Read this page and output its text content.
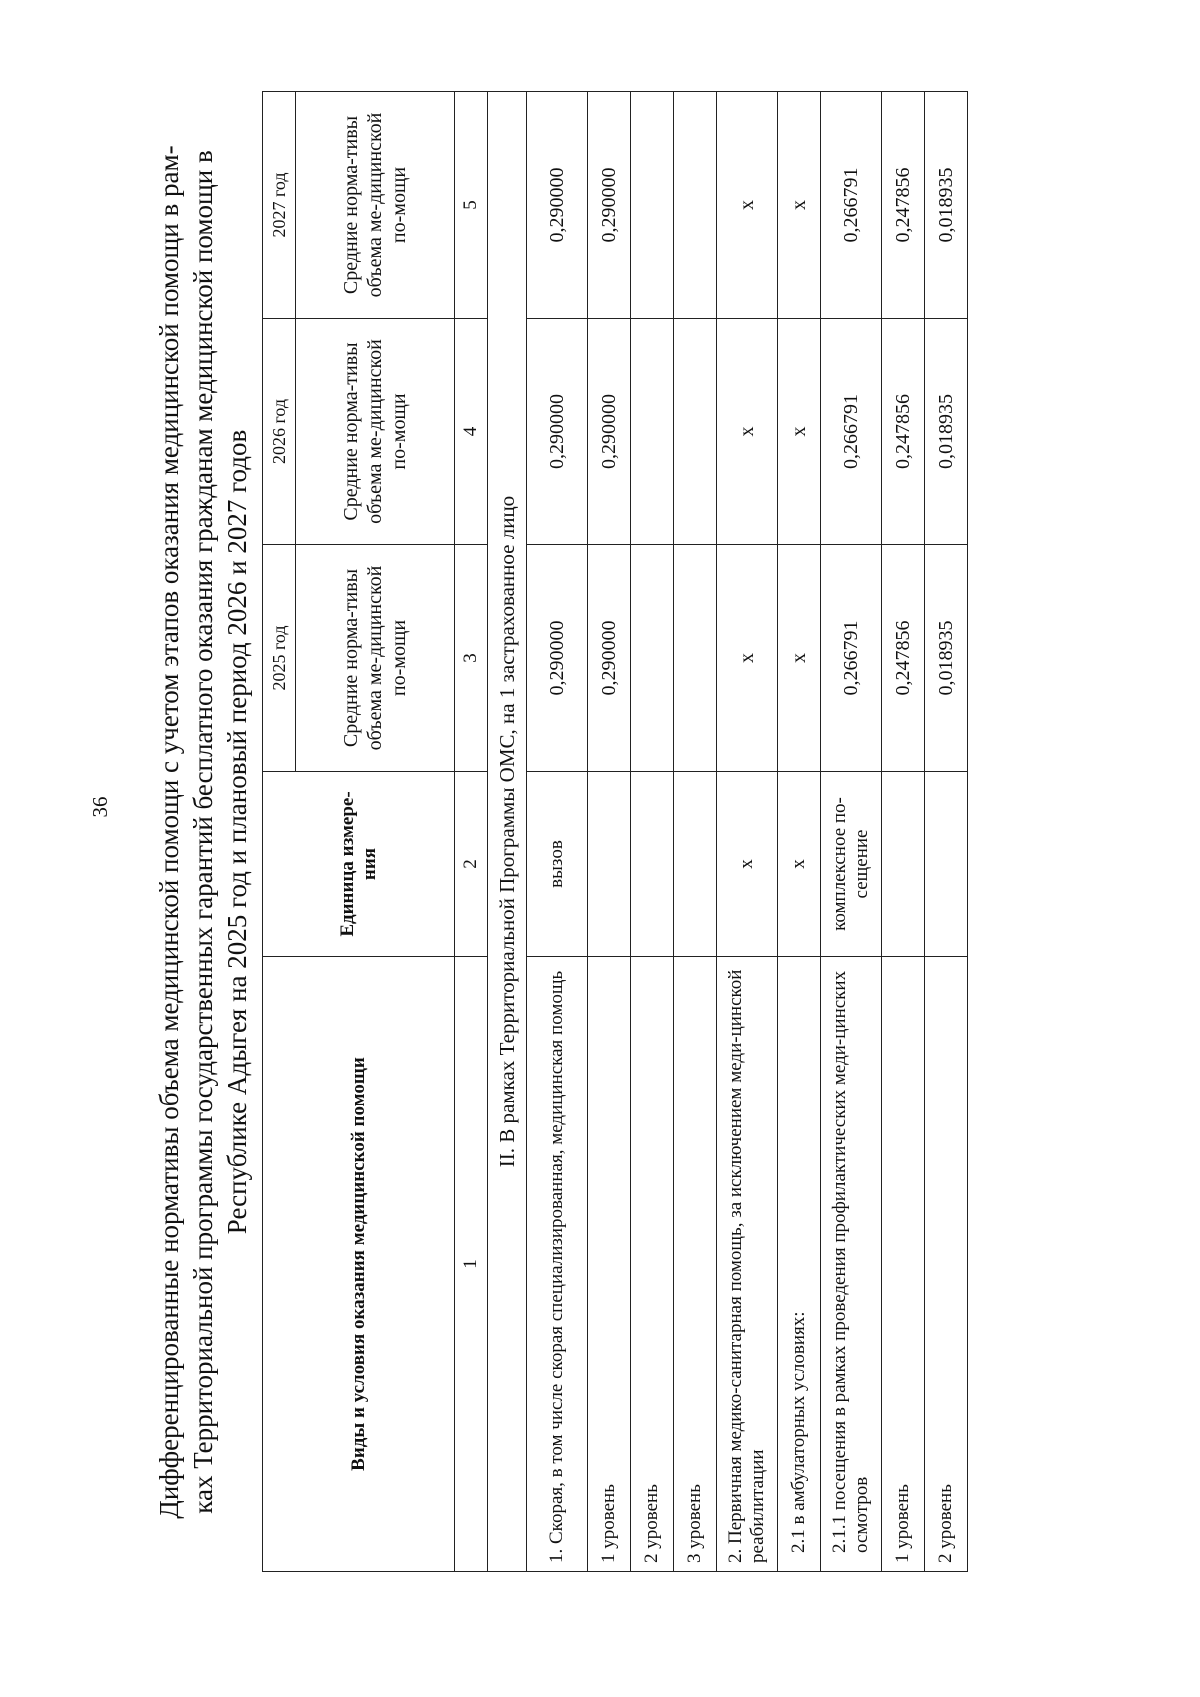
36 Дифференцированные нормативы объема медицинской помощи с учетом этапов оказания медицинской помощи в рам- ках Территориальной программы государственных гарантий бесплатного оказания гражданам медицинской помощи в Республике Адыгея на 2025 год и плановый период 2026 и 2027 годов
Виды и условия оказания медицинской помощи	Единица измере-ния	2025 год	2026 год	2027 год
		Средние норма-тивы объема ме-дицинской по-мощи	Средние норма-тивы объема ме-дицинской по-мощи	Средние норма-тивы объема ме-дицинской по-мощи
1	2	3	4	5
II. В рамках Территориальной Программы ОМС, на 1 застрахованное лицо				
1. Скорая, в том числе скорая специализированная, медицинская помощь	вызов	0,290000	0,290000	0,290000
1 уровень		0,290000	0,290000	0,290000
2 уровень				
3 уровень				
2. Первичная медико-санитарная помощь, за исключением меди-цинской реабилитации	х	х	х	х
2.1 в амбулаторных условиях:	х	х	х	х
2.1.1 посещения в рамках проведения профилактических меди-цинских осмотров	комплексное по-сещение	0,266791	0,266791	0,266791
1 уровень		0,247856	0,247856	0,247856
2 уровень		0,018935	0,018935	0,018935
